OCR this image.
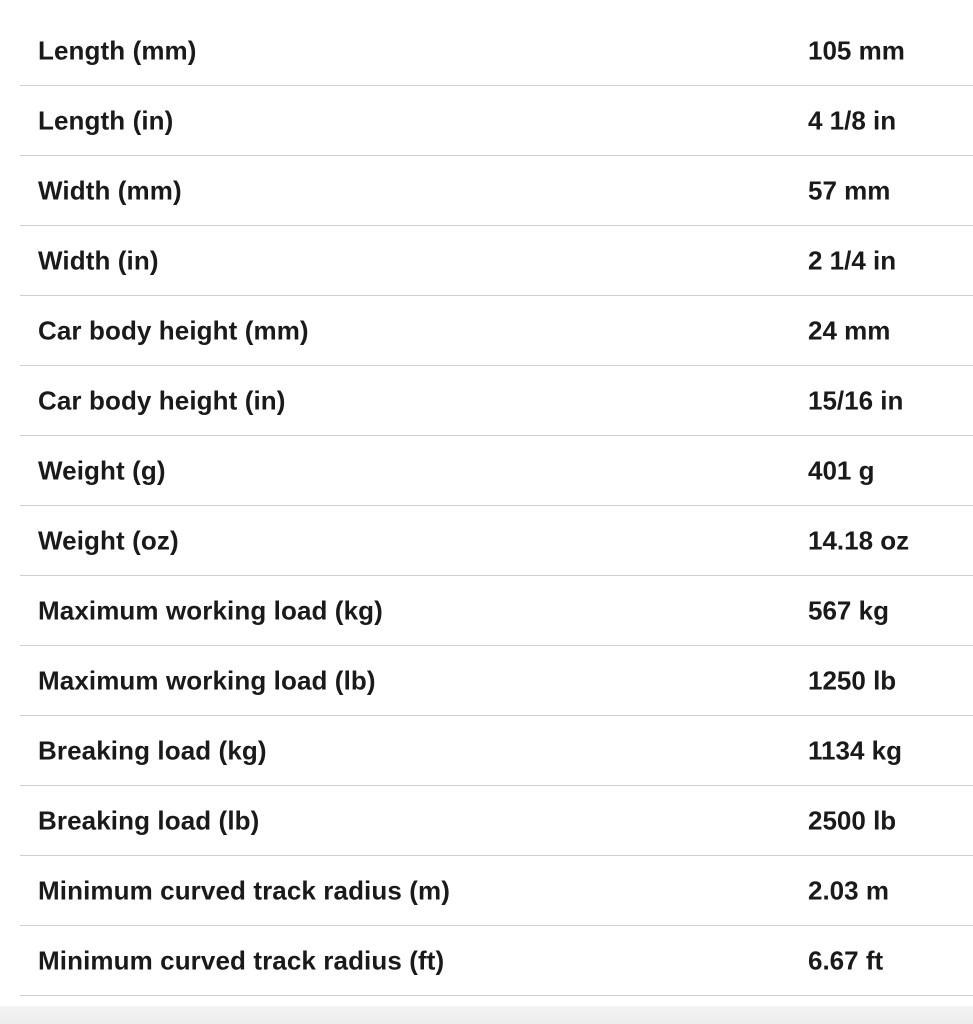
Length (mm)	105 mm
Length (in)	4 1/8 in
Width (mm)	57 mm
Width (in)	2 1/4 in
Car body height (mm)	24 mm
Car body height (in)	15/16 in
Weight (g)	401 g
Weight (oz)	14.18 oz
Maximum working load (kg)	567 kg
Maximum working load (lb)	1250 lb
Breaking load (kg)	1134 kg
Breaking load (lb)	2500 lb
Minimum curved track radius (m)	2.03 m
Minimum curved track radius (ft)	6.67 ft
